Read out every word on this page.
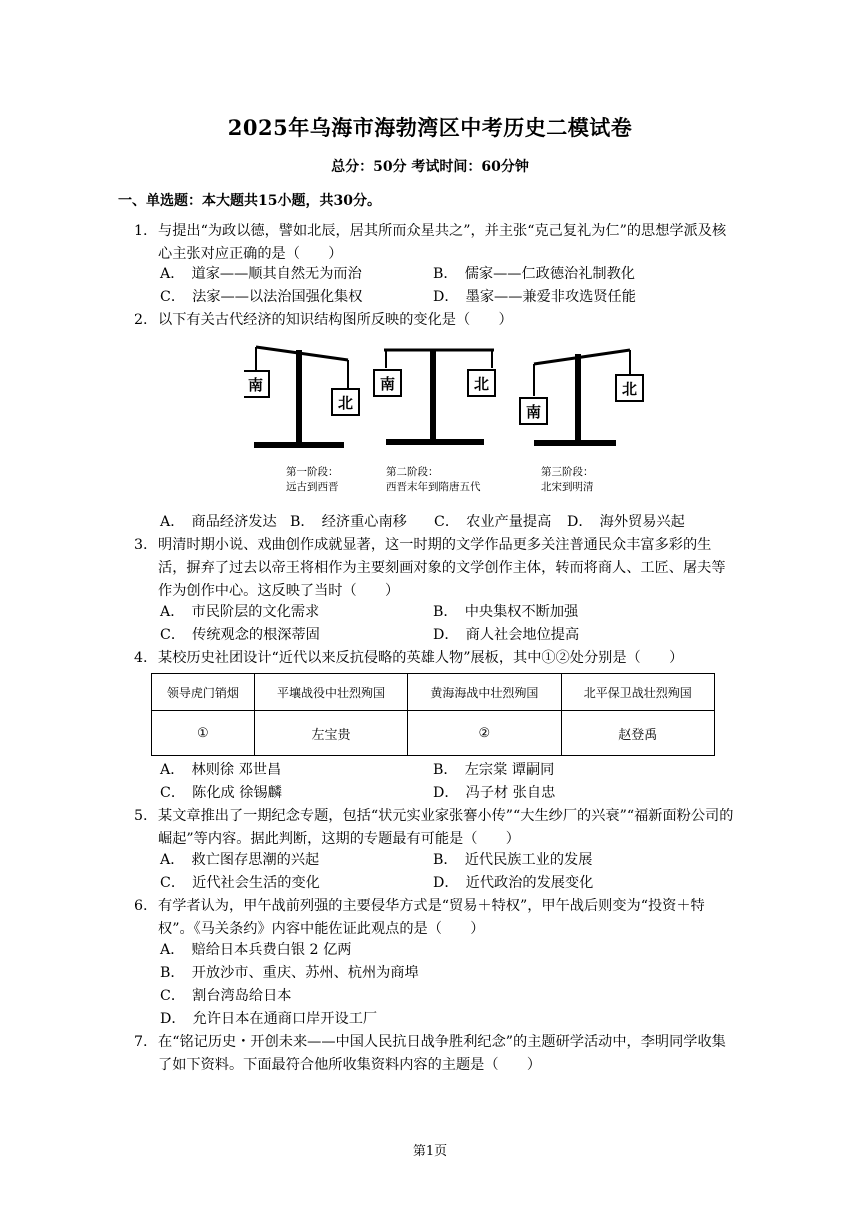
2025年乌海市海勃湾区中考历史二模试卷
总分：50分 考试时间：60分钟
一、单选题：本大题共15小题，共30分。
1. 与提出“为政以德，譬如北辰，居其所而众星共之”，并主张“克己复礼为仁”的思想学派及核心主张对应正确的是（　　）
A．　道家——顺其自然无为而治	B．　儒家——仁政德治礼制教化
C．　法家——以法治国强化集权	D．　墨家——兼爱非攻选贤任能
2. 以下有关古代经济的知识结构图所反映的变化是（　　）
南
北
南	北
南
北
第一阶段：
远古到西晋
第二阶段：
西晋末年到隋唐五代
第三阶段：
北宋到明清
A．　商品经济发达 B．　经济重心南移 C．　农业产量提高 D．　海外贸易兴起
3. 明清时期小说、戏曲创作成就显著，这一时期的文学作品更多关注普通民众丰富多彩的生活，摒弃了过去以帝王将相作为主要刻画对象的文学创作主体，转而将商人、工匠、屠夫等作为创作中心。这反映了当时（　　）
A．　市民阶层的文化需求	B．　中央集权不断加强
C．　传统观念的根深蒂固	D．　商人社会地位提高
4. 某校历史社团设计“近代以来反抗侵略的英雄人物”展板，其中①②处分别是（　　）
领导虎门销烟	平壤战役中壮烈殉国	黄海海战中壮烈殉国	北平保卫战壮烈殉国
①	左宝贵	②	赵登禹
A．　林则徐 邓世昌	B．　左宗棠 谭嗣同
C．　陈化成 徐锡麟	D．　冯子材 张自忠
5. 某文章推出了一期纪念专题，包括“状元实业家张謇小传”“大生纱厂的兴衰”“福新面粉公司的崛起”等内容。据此判断，这期的专题最有可能是（　　）
A．　救亡图存思潮的兴起	B．　近代民族工业的发展
C．　近代社会生活的变化	D．　近代政治的发展变化
6. 有学者认为，甲午战前列强的主要侵华方式是“贸易＋特权”，甲午战后则变为“投资＋特权”。《马关条约》内容中能佐证此观点的是（　　）
A．　赔给日本兵费白银 2 亿两
B．　开放沙市、重庆、苏州、杭州为商埠
C．　割台湾岛给日本
D．　允许日本在通商口岸开设工厂
7. 在“铭记历史・开创未来——中国人民抗日战争胜利纪念”的主题研学活动中，李明同学收集了如下资料。下面最符合他所收集资料内容的主题是（　　）
第1页
